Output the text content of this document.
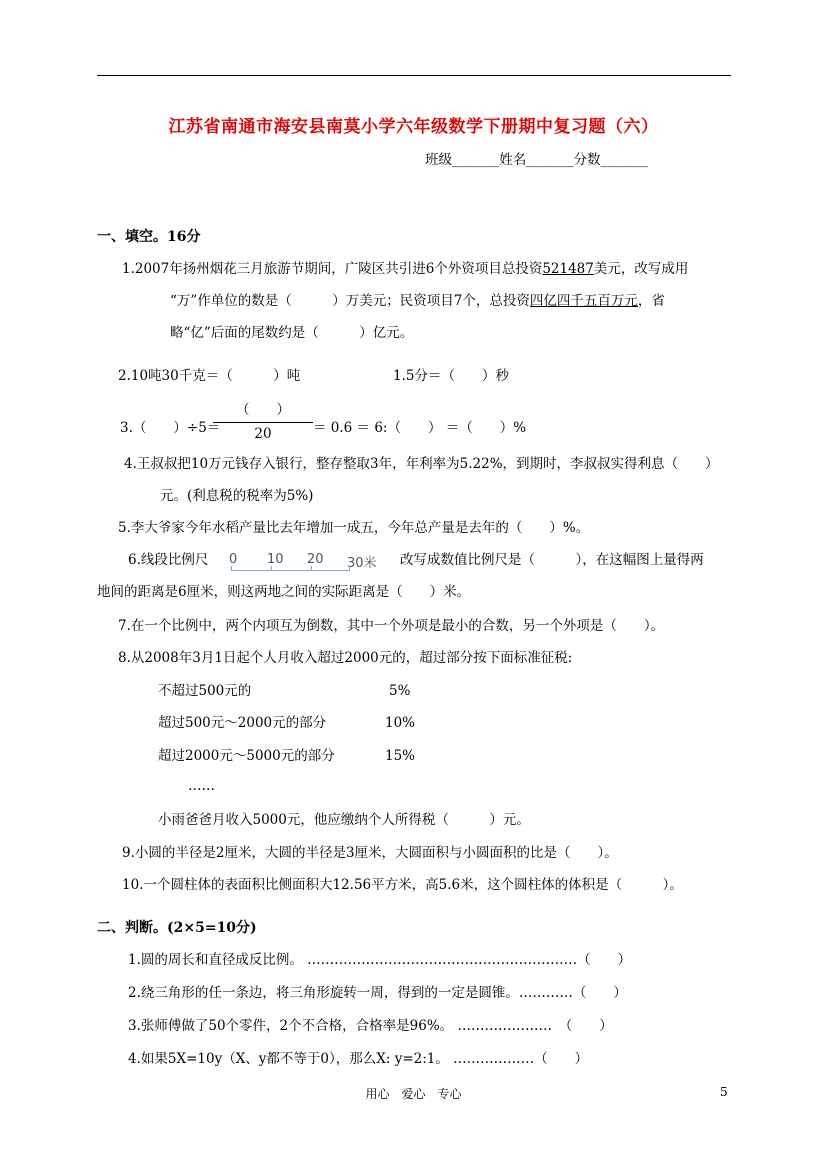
江苏省南通市海安县南莫小学六年级数学下册期中复习题（六）
班级_______姓名_______分数_______
一、填空。16分
1.2007年扬州烟花三月旅游节期间，广陵区共引进6个外资项目总投资521487美元，改写成用
“万”作单位的数是（　　　）万美元；民资项目7个，总投资四亿四千五百万元，省
略“亿”后面的尾数约是（　　　）亿元。
2.10吨30千克＝（　　　）吨	1.5分＝（　　）秒
3.（　　）÷5＝
（　　）
20	＝ 0.6 ＝ 6:（　　） ＝（　　）%
4.王叔叔把10万元钱存入银行，整存整取3年，年利率为5.22%，到期时，李叔叔实得利息（　　）
元。(利息税的税率为5%)
5.李大爷家今年水稻产量比去年增加一成五，今年总产量是去年的（　　）%。
6.线段比例尺 0 10 20 30米 改写成数值比例尺是（　　　），在这幅图上量得两
地间的距离是6厘米，则这两地之间的实际距离是（　　）米。
7.在一个比例中，两个内项互为倒数，其中一个外项是最小的合数，另一个外项是（　　）。
8.从2008年3月1日起个人月收入超过2000元的，超过部分按下面标准征税:
不超过500元的	5%
超过500元～2000元的部分	10%
超过2000元～5000元的部分	15%
……
小雨爸爸月收入5000元，他应缴纳个人所得税（　　　）元。
9.小圆的半径是2厘米，大圆的半径是3厘米，大圆面积与小圆面积的比是（　　）。
10.一个圆柱体的表面积比侧面积大12.56平方米，高5.6米，这个圆柱体的体积是（　　　）。
二、判断。(2×5=10分)
1.圆的周长和直径成反比例。 ……………………………………………………（　　）
2.绕三角形的任一条边，将三角形旋转一周，得到的一定是圆锥。…………（　　）
3.张师傅做了50个零件，2个不合格，合格率是96%。 …………………　（　　）
4.如果5Ⅹ=10y（Ⅹ、y都不等于0），那么Ⅹ: y=2:1。 ………………（　　）
用心　爱心　专心	5
